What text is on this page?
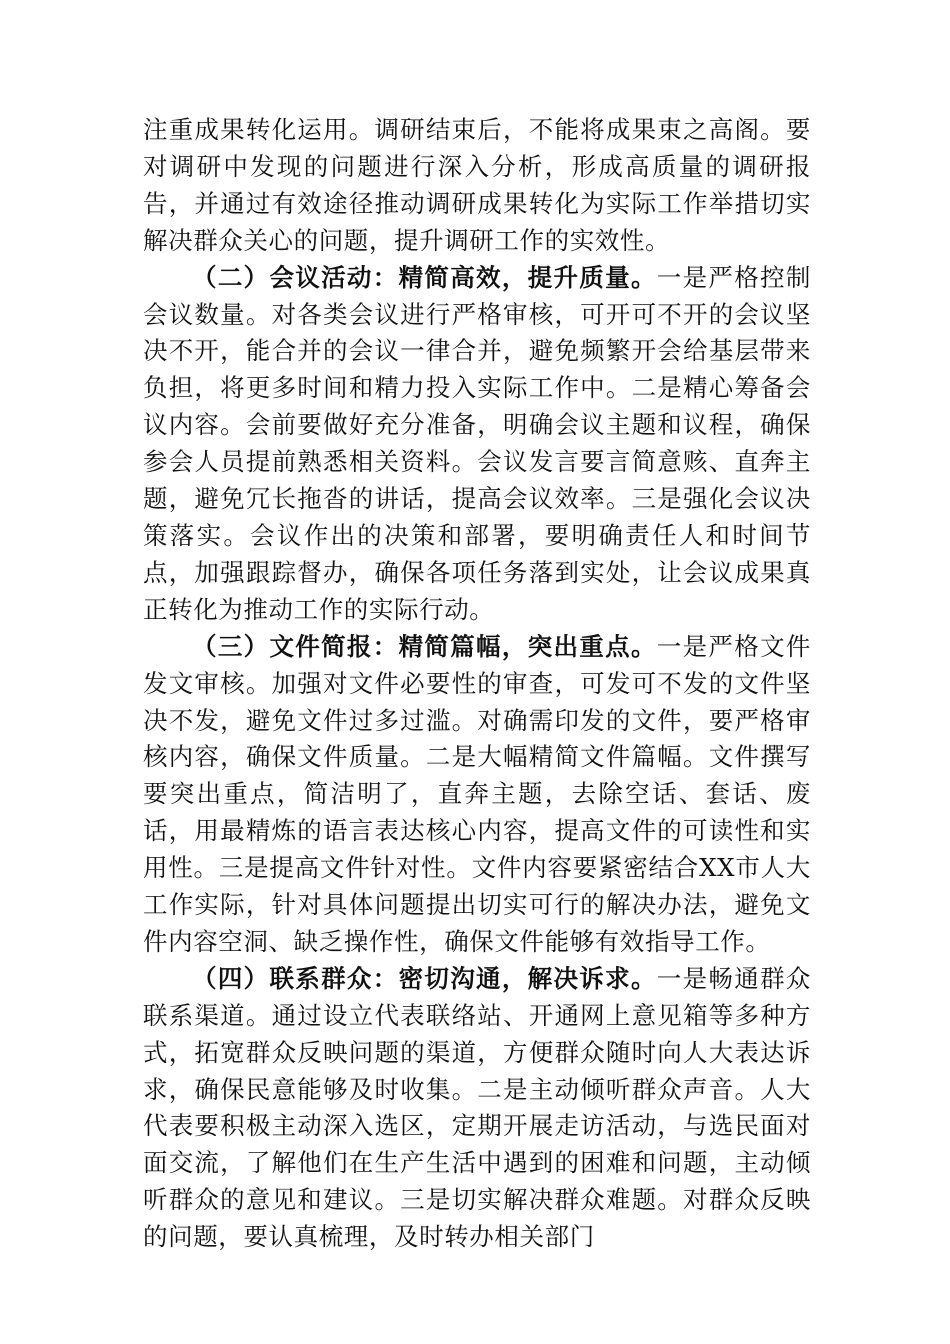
注重成果转化运用。调研结束后，不能将成果束之高阁。要对调研中发现的问题进行深入分析，形成高质量的调研报告，并通过有效途径推动调研成果转化为实际工作举措切实解决群众关心的问题，提升调研工作的实效性。

（二）会议活动：精简高效，提升质量。一是严格控制会议数量。对各类会议进行严格审核，可开可不开的会议坚决不开，能合并的会议一律合并，避免频繁开会给基层带来负担，将更多时间和精力投入实际工作中。二是精心筹备会议内容。会前要做好充分准备，明确会议主题和议程，确保参会人员提前熟悉相关资料。会议发言要言简意赅、直奔主题，避免冗长拖沓的讲话，提高会议效率。三是强化会议决策落实。会议作出的决策和部署，要明确责任人和时间节点，加强跟踪督办，确保各项任务落到实处，让会议成果真正转化为推动工作的实际行动。

（三）文件简报：精简篇幅，突出重点。一是严格文件发文审核。加强对文件必要性的审查，可发可不发的文件坚决不发，避免文件过多过滥。对确需印发的文件，要严格审核内容，确保文件质量。二是大幅精简文件篇幅。文件撰写要突出重点，简洁明了，直奔主题，去除空话、套话、废话，用最精炼的语言表达核心内容，提高文件的可读性和实用性。三是提高文件针对性。文件内容要紧密结合XX市人大工作实际，针对具体问题提出切实可行的解决办法，避免文件内容空洞、缺乏操作性，确保文件能够有效指导工作。

（四）联系群众：密切沟通，解决诉求。一是畅通群众联系渠道。通过设立代表联络站、开通网上意见箱等多种方式，拓宽群众反映问题的渠道，方便群众随时向人大表达诉求，确保民意能够及时收集。二是主动倾听群众声音。人大代表要积极主动深入选区，定期开展走访活动，与选民面对面交流，了解他们在生产生活中遇到的困难和问题，主动倾听群众的意见和建议。三是切实解决群众难题。对群众反映的问题，要认真梳理，及时转办相关部门
